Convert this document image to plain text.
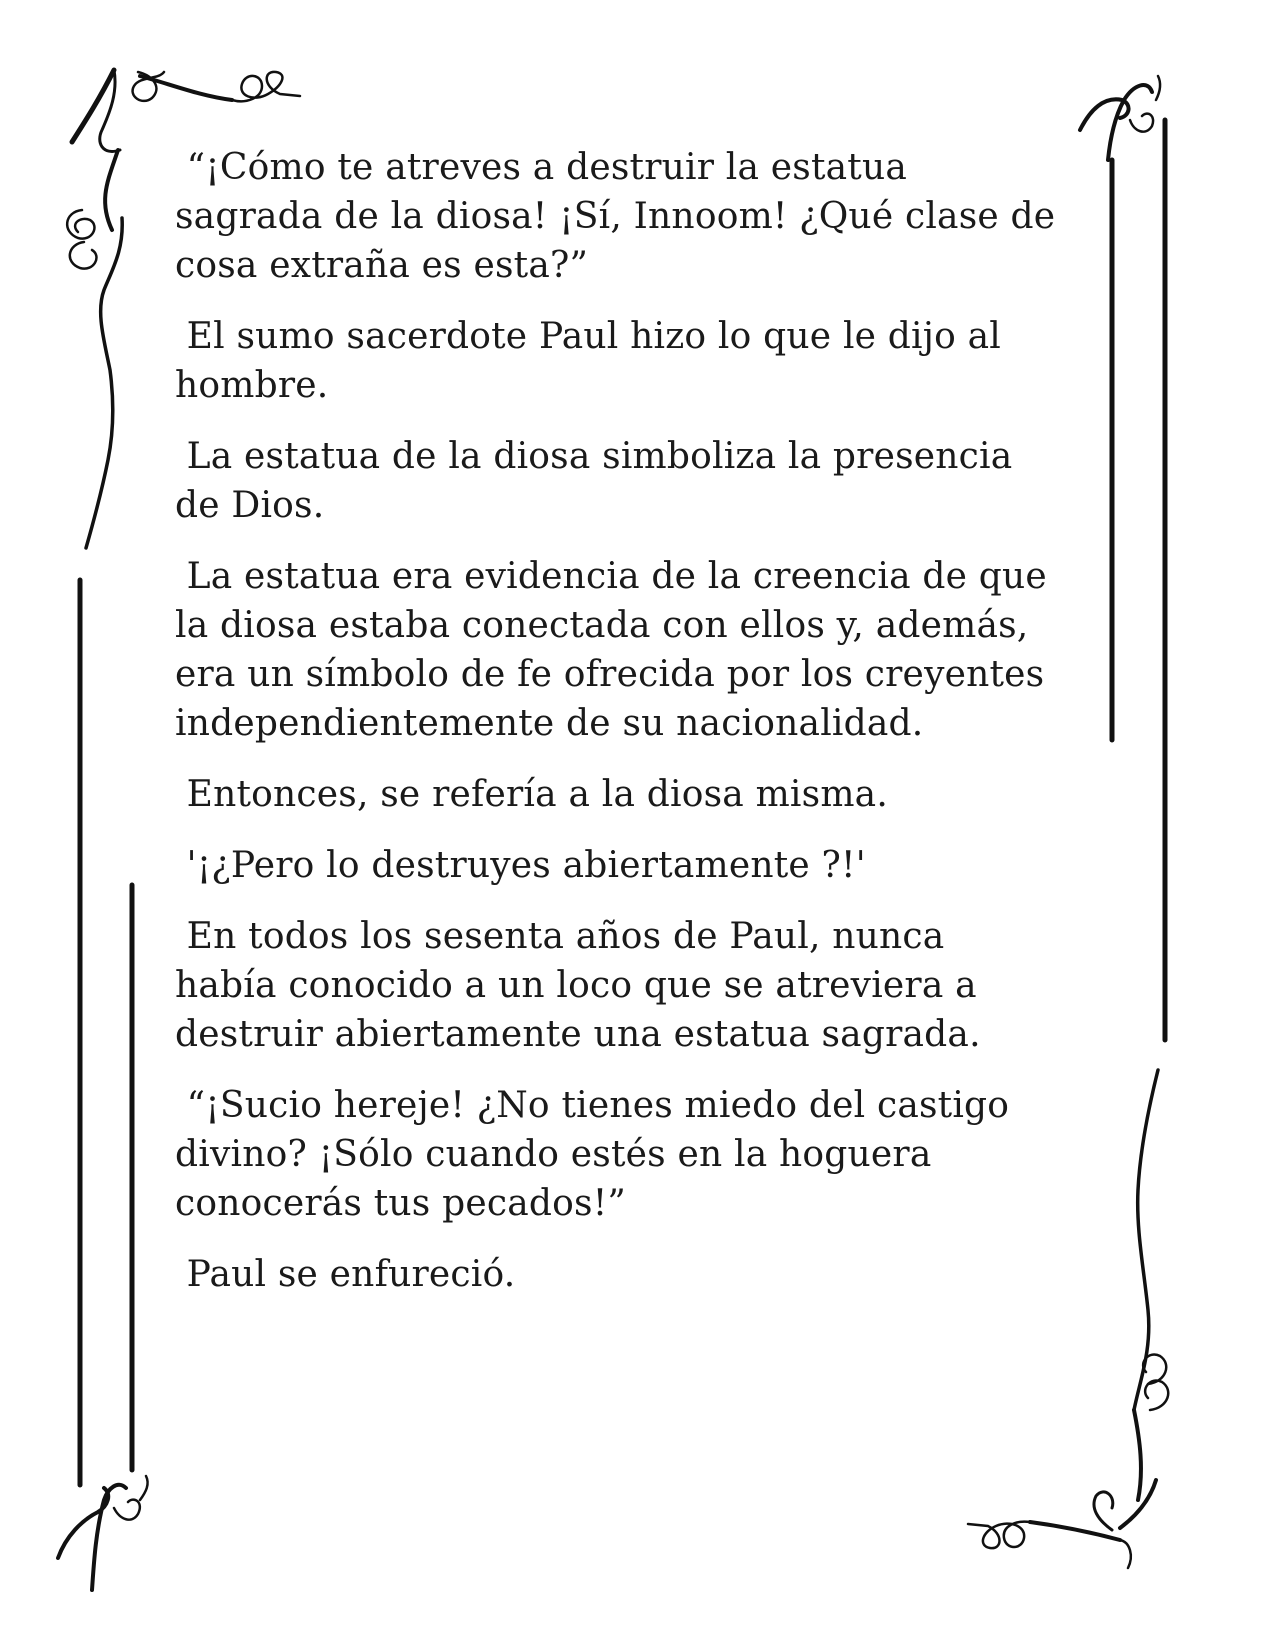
“¡Cómo te atreves a destruir la estatua
sagrada de la diosa! ¡Sí, Innoom! ¿Qué clase de
cosa extraña es esta?”

El sumo sacerdote Paul hizo lo que le dijo al
hombre.

La estatua de la diosa simboliza la presencia
de Dios.

La estatua era evidencia de la creencia de que
la diosa estaba conectada con ellos y, además,
era un símbolo de fe ofrecida por los creyentes
independientemente de su nacionalidad.

Entonces, se refería a la diosa misma.

'¡¿Pero lo destruyes abiertamente ?!'

En todos los sesenta años de Paul, nunca
había conocido a un loco que se atreviera a
destruir abiertamente una estatua sagrada.

“¡Sucio hereje! ¿No tienes miedo del castigo
divino? ¡Sólo cuando estés en la hoguera
conocerás tus pecados!”

Paul se enfureció.
